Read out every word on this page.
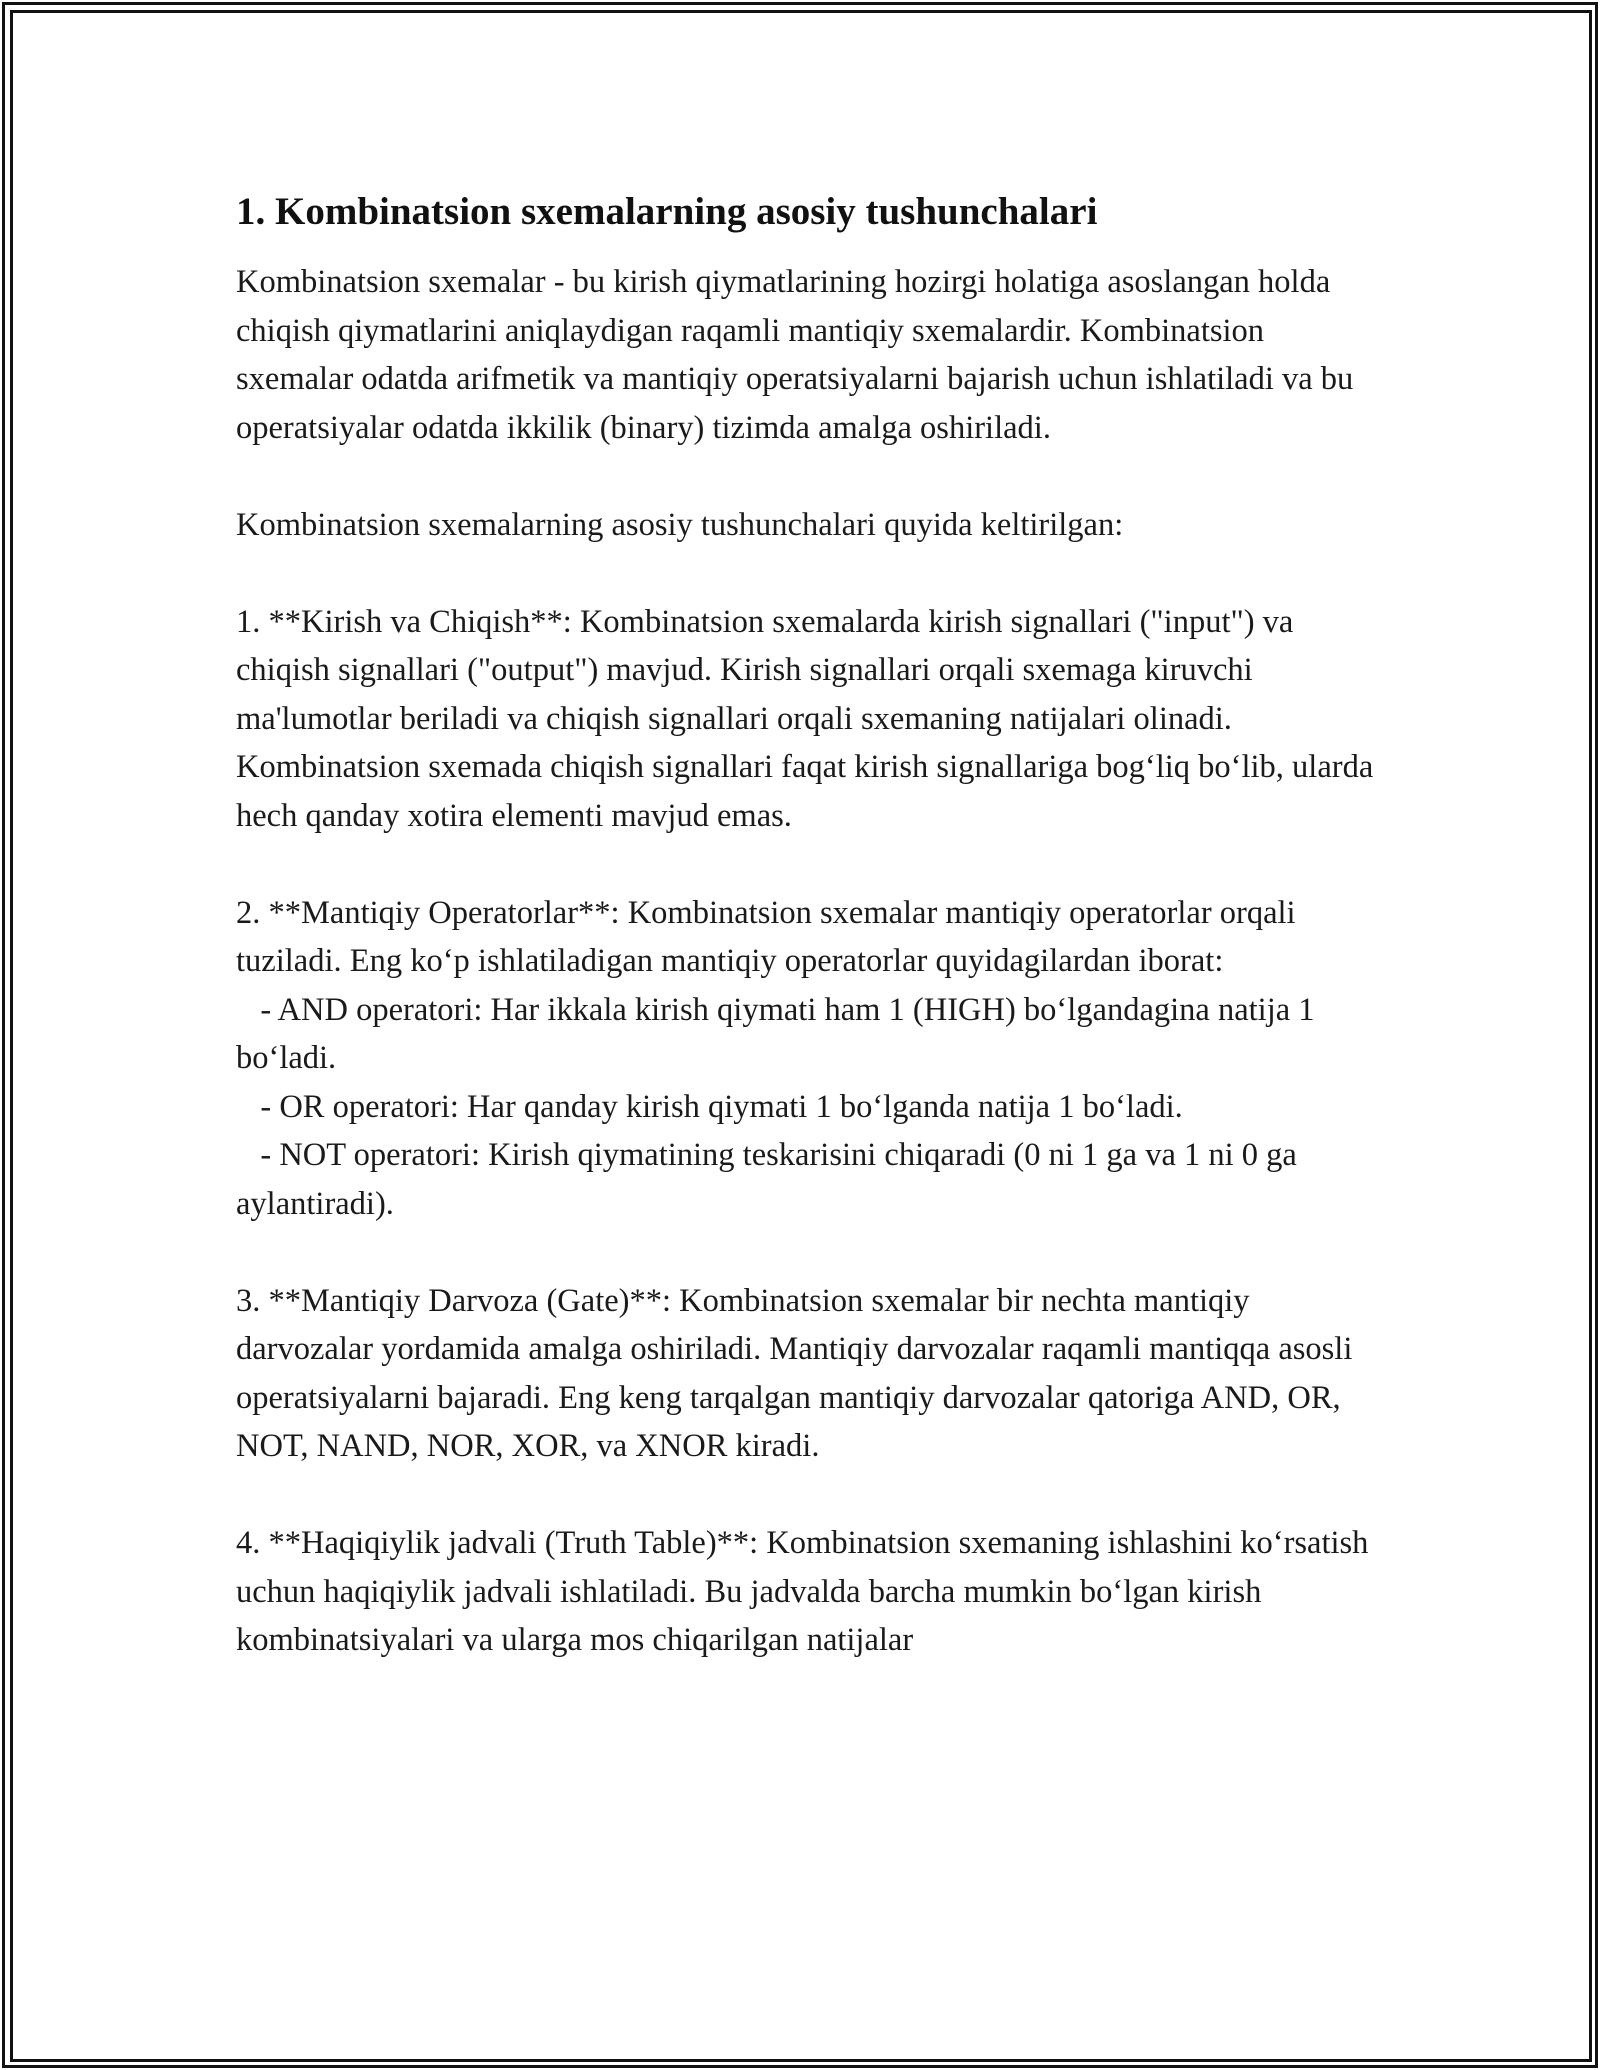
1. Kombinatsion sxemalarning asosiy tushunchalari

Kombinatsion sxemalar - bu kirish qiymatlarining hozirgi holatiga asoslangan holda chiqish qiymatlarini aniqlaydigan raqamli mantiqiy sxemalardir. Kombinatsion sxemalar odatda arifmetik va mantiqiy operatsiyalarni bajarish uchun ishlatiladi va bu operatsiyalar odatda ikkilik (binary) tizimda amalga oshiriladi.

Kombinatsion sxemalarning asosiy tushunchalari quyida keltirilgan:

1. **Kirish va Chiqish**: Kombinatsion sxemalarda kirish signallari ("input") va chiqish signallari ("output") mavjud. Kirish signallari orqali sxemaga kiruvchi ma'lumotlar beriladi va chiqish signallari orqali sxemaning natijalari olinadi. Kombinatsion sxemada chiqish signallari faqat kirish signallariga bogʻliq boʻlib, ularda hech qanday xotira elementi mavjud emas.

2. **Mantiqiy Operatorlar**: Kombinatsion sxemalar mantiqiy operatorlar orqali tuziladi. Eng koʻp ishlatiladigan mantiqiy operatorlar quyidagilardan iborat:
- AND operatori: Har ikkala kirish qiymati ham 1 (HIGH) boʻlgandagina natija 1 boʻladi.
- OR operatori: Har qanday kirish qiymati 1 boʻlganda natija 1 boʻladi.
- NOT operatori: Kirish qiymatining teskarisini chiqaradi (0 ni 1 ga va 1 ni 0 ga aylantiradi).

3. **Mantiqiy Darvoza (Gate)**: Kombinatsion sxemalar bir nechta mantiqiy darvozalar yordamida amalga oshiriladi. Mantiqiy darvozalar raqamli mantiqqa asosli operatsiyalarni bajaradi. Eng keng tarqalgan mantiqiy darvozalar qatoriga AND, OR, NOT, NAND, NOR, XOR, va XNOR kiradi.

4. **Haqiqiylik jadvali (Truth Table)**: Kombinatsion sxemaning ishlashini koʻrsatish uchun haqiqiylik jadvali ishlatiladi. Bu jadvalda barcha mumkin boʻlgan kirish kombinatsiyalari va ularga mos chiqarilgan natijalar
